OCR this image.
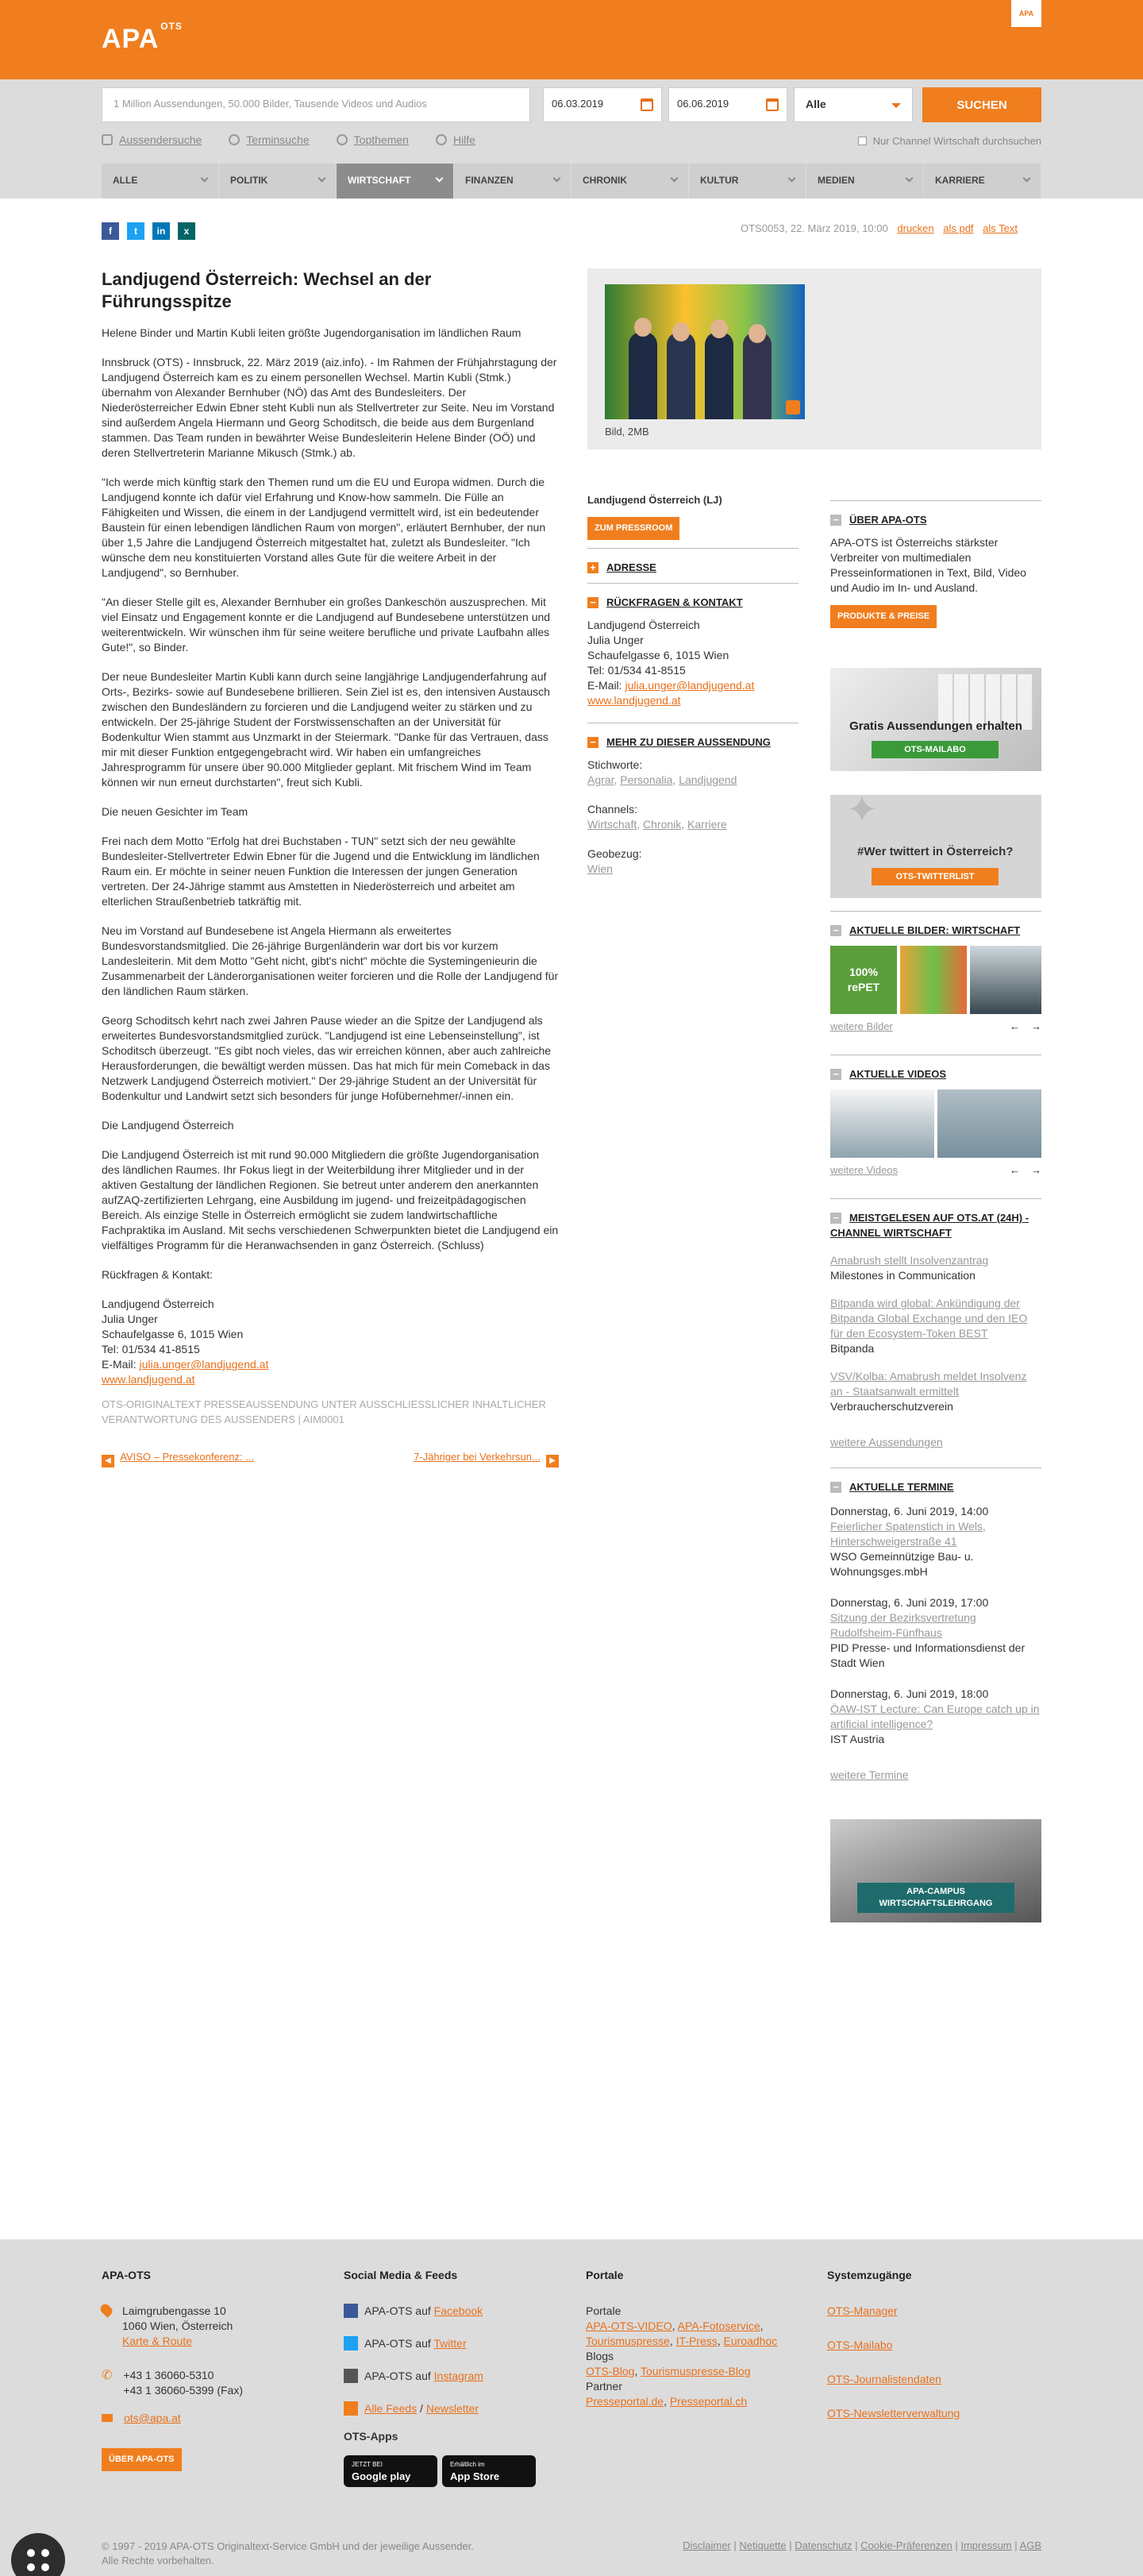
APA $^{OTS}$
APA
1 Million Aussendungen, 50.000 Bilder, Tausende Videos und Audios	06.03.2019	06.06.2019	Alle	SUCHEN
Aussendersuche	Terminsuche	Topthemen	Hilfe	Nur Channel Wirtschaft durchsuchen
ALLE	POLITIK	WIRTSCHAFT	FINANZEN	CHRONIK	KULTUR	MEDIEN	KARRIERE
f	t	in	x	OTS0053, 22. März 2019, 10:00 drucken als pdf als Text
Landjugend Österreich: Wechsel an der Führungsspitze

Helene Binder und Martin Kubli leiten größte Jugendorganisation im ländlichen Raum

Innsbruck (OTS) - Innsbruck, 22. März 2019 (aiz.info). - Im Rahmen der Frühjahrstagung der Landjugend Österreich kam es zu einem personellen Wechsel. Martin Kubli (Stmk.) übernahm von Alexander Bernhuber (NÖ) das Amt des Bundesleiters. Der Niederösterreicher Edwin Ebner steht Kubli nun als Stellvertreter zur Seite. Neu im Vorstand sind außerdem Angela Hiermann und Georg Schoditsch, die beide aus dem Burgenland stammen. Das Team runden in bewährter Weise Bundesleiterin Helene Binder (OÖ) und deren Stellvertreterin Marianne Mikusch (Stmk.) ab.

"Ich werde mich künftig stark den Themen rund um die EU und Europa widmen. Durch die Landjugend konnte ich dafür viel Erfahrung und Know-how sammeln. Die Fülle an Fähigkeiten und Wissen, die einem in der Landjugend vermittelt wird, ist ein bedeutender Baustein für einen lebendigen ländlichen Raum von morgen", erläutert Bernhuber, der nun über 1,5 Jahre die Landjugend Österreich mitgestaltet hat, zuletzt als Bundesleiter. "Ich wünsche dem neu konstituierten Vorstand alles Gute für die weitere Arbeit in der Landjugend", so Bernhuber.

"An dieser Stelle gilt es, Alexander Bernhuber ein großes Dankeschön auszusprechen. Mit viel Einsatz und Engagement konnte er die Landjugend auf Bundesebene unterstützen und weiterentwickeln. Wir wünschen ihm für seine weitere berufliche und private Laufbahn alles Gute!", so Binder.

Der neue Bundesleiter Martin Kubli kann durch seine langjährige Landjugenderfahrung auf Orts-, Bezirks- sowie auf Bundesebene brillieren. Sein Ziel ist es, den intensiven Austausch zwischen den Bundesländern zu forcieren und die Landjugend weiter zu stärken und zu entwickeln. Der 25-jährige Student der Forstwissenschaften an der Universität für Bodenkultur Wien stammt aus Unzmarkt in der Steiermark. "Danke für das Vertrauen, dass mir mit dieser Funktion entgegengebracht wird. Wir haben ein umfangreiches Jahresprogramm für unsere über 90.000 Mitglieder geplant. Mit frischem Wind im Team können wir nun erneut durchstarten", freut sich Kubli.

Die neuen Gesichter im Team

Frei nach dem Motto "Erfolg hat drei Buchstaben - TUN" setzt sich der neu gewählte Bundesleiter-Stellvertreter Edwin Ebner für die Jugend und die Entwicklung im ländlichen Raum ein. Er möchte in seiner neuen Funktion die Interessen der jungen Generation vertreten. Der 24-Jährige stammt aus Amstetten in Niederösterreich und arbeitet am elterlichen Straußenbetrieb tatkräftig mit.

Neu im Vorstand auf Bundesebene ist Angela Hiermann als erweitertes Bundesvorstandsmitglied. Die 26-jährige Burgenländerin war dort bis vor kurzem Landesleiterin. Mit dem Motto "Geht nicht, gibt's nicht" möchte die Systemingenieurin die Zusammenarbeit der Länderorganisationen weiter forcieren und die Rolle der Landjugend für den ländlichen Raum stärken.

Georg Schoditsch kehrt nach zwei Jahren Pause wieder an die Spitze der Landjugend als erweitertes Bundesvorstandsmitglied zurück. "Landjugend ist eine Lebenseinstellung", ist Schoditsch überzeugt. "Es gibt noch vieles, das wir erreichen können, aber auch zahlreiche Herausforderungen, die bewältigt werden müssen. Das hat mich für mein Comeback in das Netzwerk Landjugend Österreich motiviert." Der 29-jährige Student an der Universität für Bodenkultur und Landwirt setzt sich besonders für junge Hofübernehmer/-innen ein.

Die Landjugend Österreich

Die Landjugend Österreich ist mit rund 90.000 Mitgliedern die größte Jugendorganisation des ländlichen Raumes. Ihr Fokus liegt in der Weiterbildung ihrer Mitglieder und in der aktiven Gestaltung der ländlichen Regionen. Sie betreut unter anderem den anerkannten aufZAQ-zertifizierten Lehrgang, eine Ausbildung im jugend- und freizeitpädagogischen Bereich. Als einzige Stelle in Österreich ermöglicht sie zudem landwirtschaftliche Fachpraktika im Ausland. Mit sechs verschiedenen Schwerpunkten bietet die Landjugend ein vielfältiges Programm für die Heranwachsenden in ganz Österreich. (Schluss)

Rückfragen & Kontakt:

Landjugend Österreich
Julia Unger
Schaufelgasse 6, 1015 Wien
Tel: 01/534 41-8515
E-Mail: julia.unger@landjugend.at
www.landjugend.at
OTS-ORIGINALTEXT PRESSEAUSSENDUNG UNTER AUSSCHLIESSLICHER INHALTLICHER VERANTWORTUNG DES AUSSENDERS | AIM0001
◀ AVISO – Pressekonferenz: ...	7-Jähriger bei Verkehrsun... ▶
Bild, 2MB
Landjugend Österreich (LJ)
ZUM PRESSROOM
+ ADRESSE
− RÜCKFRAGEN & KONTAKT
Landjugend Österreich
Julia Unger
Schaufelgasse 6, 1015 Wien
Tel: 01/534 41-8515
E-Mail: julia.unger@landjugend.at
www.landjugend.at
− MEHR ZU DIESER AUSSENDUNG
Stichworte:
Agrar, Personalia, Landjugend
Channels:
Wirtschaft, Chronik, Karriere
Geobezug:
Wien
− ÜBER APA-OTS
APA-OTS ist Österreichs stärkster Verbreiter von multimedialen Presseinformationen in Text, Bild, Video und Audio im In- und Ausland.
PRODUKTE & PREISE
Gratis Aussendungen erhalten
OTS-MAILABO
✦
#Wer twittert in Österreich?
OTS-TWITTERLIST
− AKTUELLE BILDER: WIRTSCHAFT
100% rePET
weitere Bilder	← →
− AKTUELLE VIDEOS
weitere Videos	← →
− MEISTGELESEN AUF OTS.AT (24H) - CHANNEL WIRTSCHAFT
Amabrush stellt Insolvenzantrag
Milestones in Communication
Bitpanda wird global: Ankündigung der Bitpanda Global Exchange und den IEO für den Ecosystem-Token BEST
Bitpanda
VSV/Kolba: Amabrush meldet Insolvenz an - Staatsanwalt ermittelt
Verbraucherschutzverein
weitere Aussendungen
− AKTUELLE TERMINE
Donnerstag, 6. Juni 2019, 14:00
Feierlicher Spatenstich in Wels, Hinterschweigerstraße 41
WSO Gemeinnützige Bau- u. Wohnungsges.mbH
Donnerstag, 6. Juni 2019, 17:00
Sitzung der Bezirksvertretung Rudolfsheim-Fünfhaus
PID Presse- und Informationsdienst der Stadt Wien
Donnerstag, 6. Juni 2019, 18:00
ÖAW-IST Lecture: Can Europe catch up in artificial intelligence?
IST Austria
weitere Termine
APA-CAMPUS WIRTSCHAFTSLEHRGANG
APA-OTS
Laimgrubengasse 10
1060 Wien, Österreich
Karte & Route
✆ +43 1 36060-5310
+43 1 36060-5399 (Fax)
ots@apa.at
ÜBER APA-OTS
Social Media & Feeds
APA-OTS auf Facebook
APA-OTS auf Twitter
APA-OTS auf Instagram
Alle Feeds / Newsletter
OTS-Apps
JETZT BEI
Google play
Erhältlich im
App Store
Portale
Portale
APA-OTS-VIDEO, APA-Fotoservice, Tourismuspresse, IT-Press, Euroadhoc
Blogs
OTS-Blog, Tourismuspresse-Blog
Partner
Presseportal.de, Presseportal.ch
Systemzugänge
OTS-Manager
OTS-Mailabo
OTS-Journalistendaten
OTS-Newsletterverwaltung
© 1997 - 2019 APA-OTS Originaltext-Service GmbH und der jeweilige Aussender.
Alle Rechte vorbehalten.
Disclaimer | Netiquette | Datenschutz | Cookie-Präferenzen | Impressum | AGB
